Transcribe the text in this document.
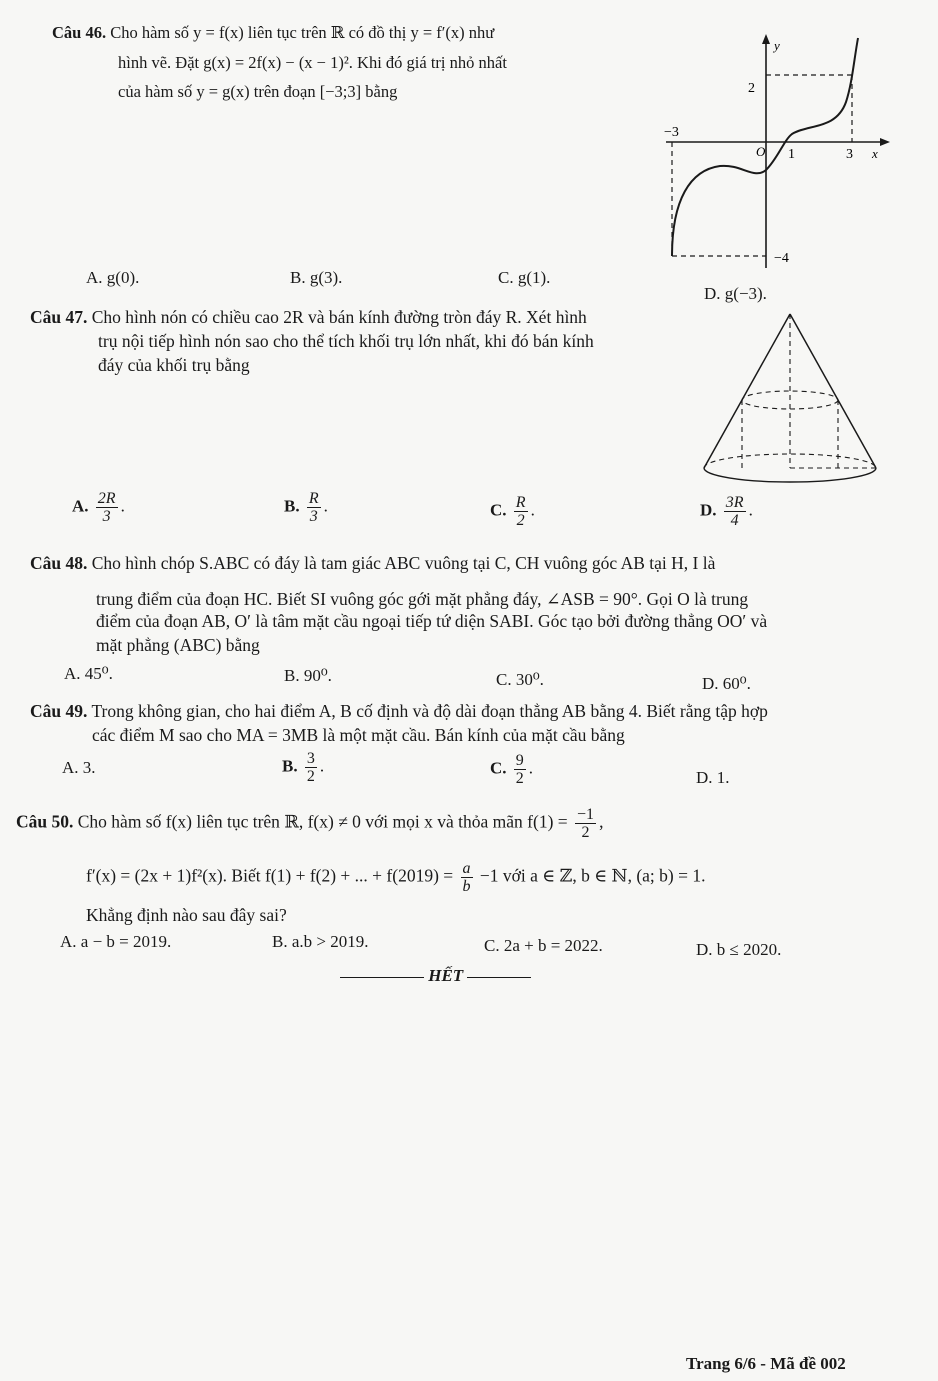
Câu 46. Cho hàm số y = f(x) liên tục trên ℝ có đồ thị y = f′(x) như
hình vẽ. Đặt g(x) = 2f(x) − (x − 1)². Khi đó giá trị nhỏ nhất
của hàm số y = g(x) trên đoạn [−3;3] bằng
y
2
−3
O 1	3 x
−4
A. g(0).	B. g(3).	C. g(1).
D. g(−3).
Câu 47. Cho hình nón có chiều cao 2R và bán kính đường tròn đáy R. Xét hình
trụ nội tiếp hình nón sao cho thể tích khối trụ lớn nhất, khi đó bán kính
đáy của khối trụ bằng
A. $\frac{2R}{3}$ .	B. $\frac{R}{3}$ .	C. $\frac{R}{2}$ .	D. $\frac{3R}{4}$ .
Câu 48. Cho hình chóp S.ABC có đáy là tam giác ABC vuông tại C, CH vuông góc AB tại H, I là
trung điểm của đoạn HC. Biết SI vuông góc gới mặt phẳng đáy, ∠ASB = 90°. Gọi O là trung
điểm của đoạn AB, O′ là tâm mặt cầu ngoại tiếp tứ diện SABI. Góc tạo bởi đường thẳng OO′ và
mặt phẳng (ABC) bằng
A. 45⁰.	B. 90⁰.	C. 30⁰.	D. 60⁰.
Câu 49. Trong không gian, cho hai điểm A, B cố định và độ dài đoạn thẳng AB bằng 4. Biết rằng tập hợp
các điểm M sao cho MA = 3MB là một mặt cầu. Bán kính của mặt cầu bằng
A. 3.	B. $\frac{3}{2}$ .	C. $\frac{9}{2}$ .
D. 1.
Câu 50. Cho hàm số f(x) liên tục trên ℝ, f(x) ≠ 0 với mọi x và thỏa mãn $f(1) = \frac{-1}{2}$ ,
f′(x) = (2x + 1)f²(x). Biết f(1) + f(2) + ... + $f(2019) = \frac{a}{b} -1$ với a ∈ ℤ, b ∈ ℕ, (a; b) = 1.
Khẳng định nào sau đây sai?
A. a − b = 2019.	B. a.b > 2019.	C. 2a + b = 2022.	D. b ≤ 2020.
HẾT
Trang 6/6 - Mã đề 002
